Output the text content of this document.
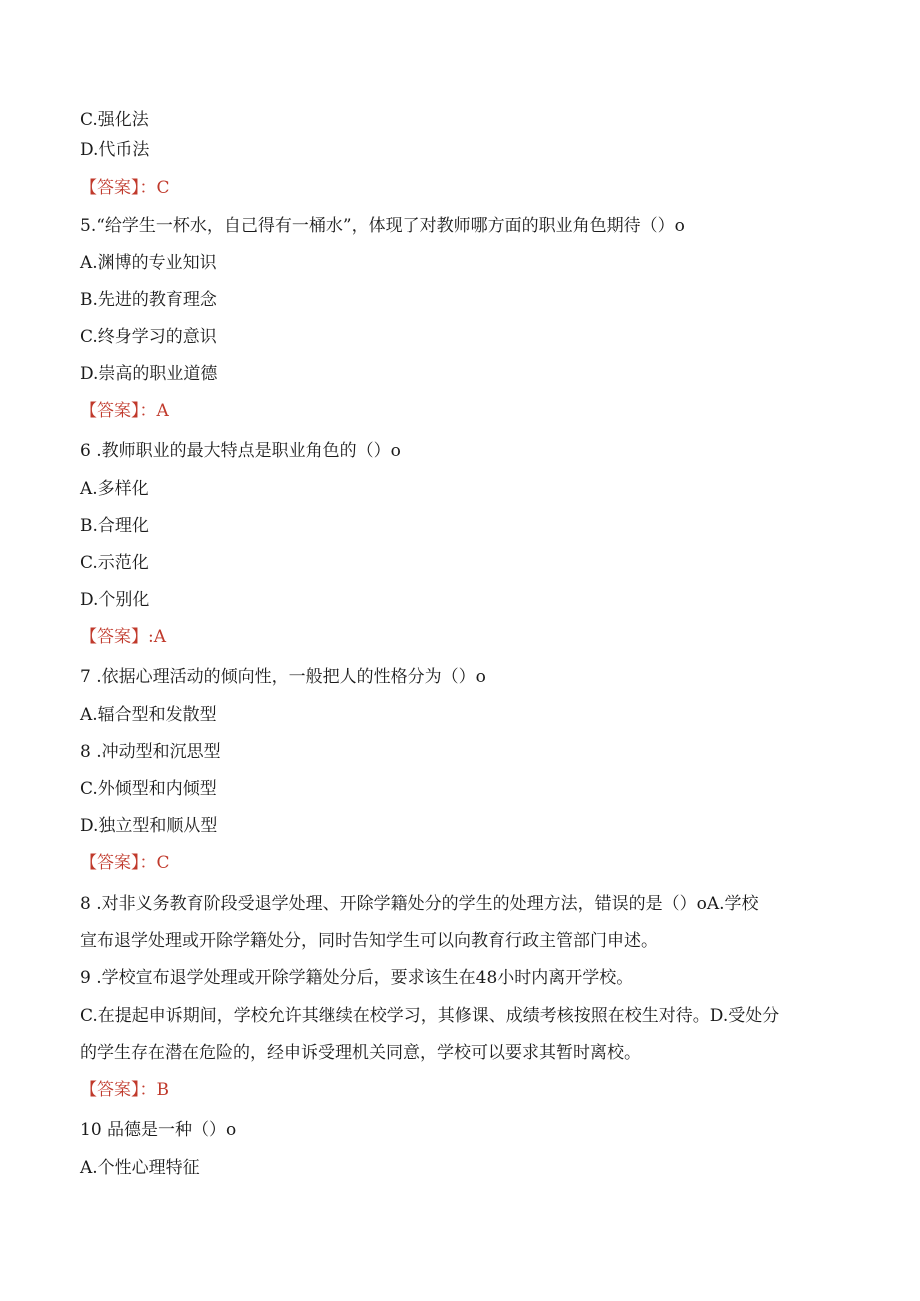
C.强化法
D.代币法
【答案】：C
5.“给学生一杯水，自己得有一桶水”，体现了对教师哪方面的职业角色期待（）o
A.渊博的专业知识
B.先进的教育理念
C.终身学习的意识
D.崇高的职业道德
【答案】：A
6 .教师职业的最大特点是职业角色的（）o
A.多样化
B.合理化
C.示范化
D.个别化
【答案】:A
7 .依据心理活动的倾向性，一般把人的性格分为（）o
A.辐合型和发散型
8 .冲动型和沉思型
C.外倾型和内倾型
D.独立型和顺从型
【答案】：C
8 .对非义务教育阶段受退学处理、开除学籍处分的学生的处理方法，错误的是（）oA.学校
宣布退学处理或开除学籍处分，同时告知学生可以向教育行政主管部门申述。
9 .学校宣布退学处理或开除学籍处分后，要求该生在48小时内离开学校。
C.在提起申诉期间，学校允许其继续在校学习，其修课、成绩考核按照在校生对待。D.受处分
的学生存在潜在危险的，经申诉受理机关同意，学校可以要求其暂时离校。
【答案】：B
10 品德是一种（）o
A.个性心理特征
